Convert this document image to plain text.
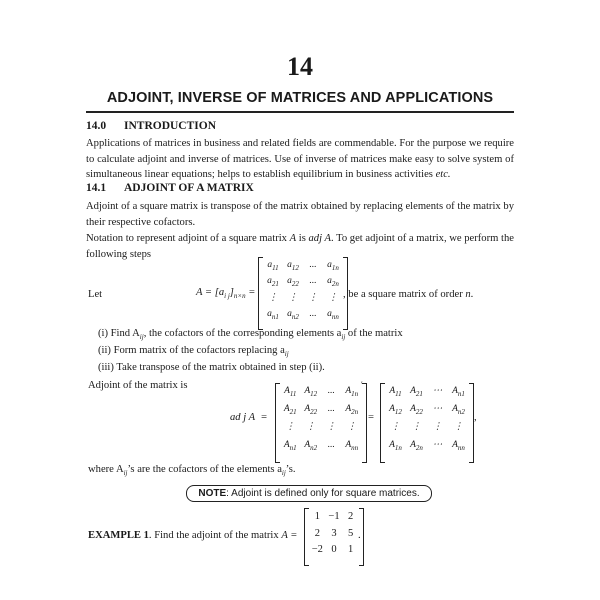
14
ADJOINT, INVERSE OF MATRICES AND APPLICATIONS
14.0 INTRODUCTION
Applications of matrices in business and related fields are commendable. For the purpose we require to calculate adjoint and inverse of matrices. Use of inverse of matrices make easy to solve system of simultaneous linear equations; helps to establish equilibrium in business activities etc.
14.1 ADJOINT OF A MATRIX
Adjoint of a square matrix is transpose of the matrix obtained by replacing elements of the matrix by their respective cofactors.
Notation to represent adjoint of a square matrix A is adj A. To get adjoint of a matrix, we perform the following steps
Let	$A = [a_{i j}]_{n\times n}$ =
$a_{11}$ $a_{12}$	...	$a_{1n}$
$a_{21}$ $a_{22}$	...	$a_{2n}$
⋮	⋮	⋮	⋮
$a_{n1}$ $a_{n2}$	...	$a_{nn}$
, be a square matrix of order n.
(i) Find $A_{ij}$, the cofactors of the corresponding elements $a_{ij}$ of the matrix
(ii) Form matrix of the cofactors replacing $a_{ij}$
(iii) Take transpose of the matrix obtained in step (ii).
Adjoint of the matrix is
ad j A  =
$A_{11}$ $A_{12}$	...	$A_{1n}$
$A_{21}$ $A_{22}$	...	$A_{2n}$
⋮	⋮	⋮	⋮
$A_{n1}$ $A_{n2}$	...	$A_{nn}$
′
=
$A_{11}$ $A_{21}$	⋯	$A_{n1}$
$A_{12}$ $A_{22}$	⋯	$A_{n2}$
⋮	⋮	⋮	⋮
$A_{1n}$ $A_{2n}$	⋯	$A_{nn}$
,
where $A_{ij}’s$ are the cofactors of the elements $a_{ij}’s$.
NOTE: Adjoint is defined only for square matrices.
EXAMPLE 1. Find the adjoint of the matrix A =
1 −1 2
2	3	5
−2 0	1
.
